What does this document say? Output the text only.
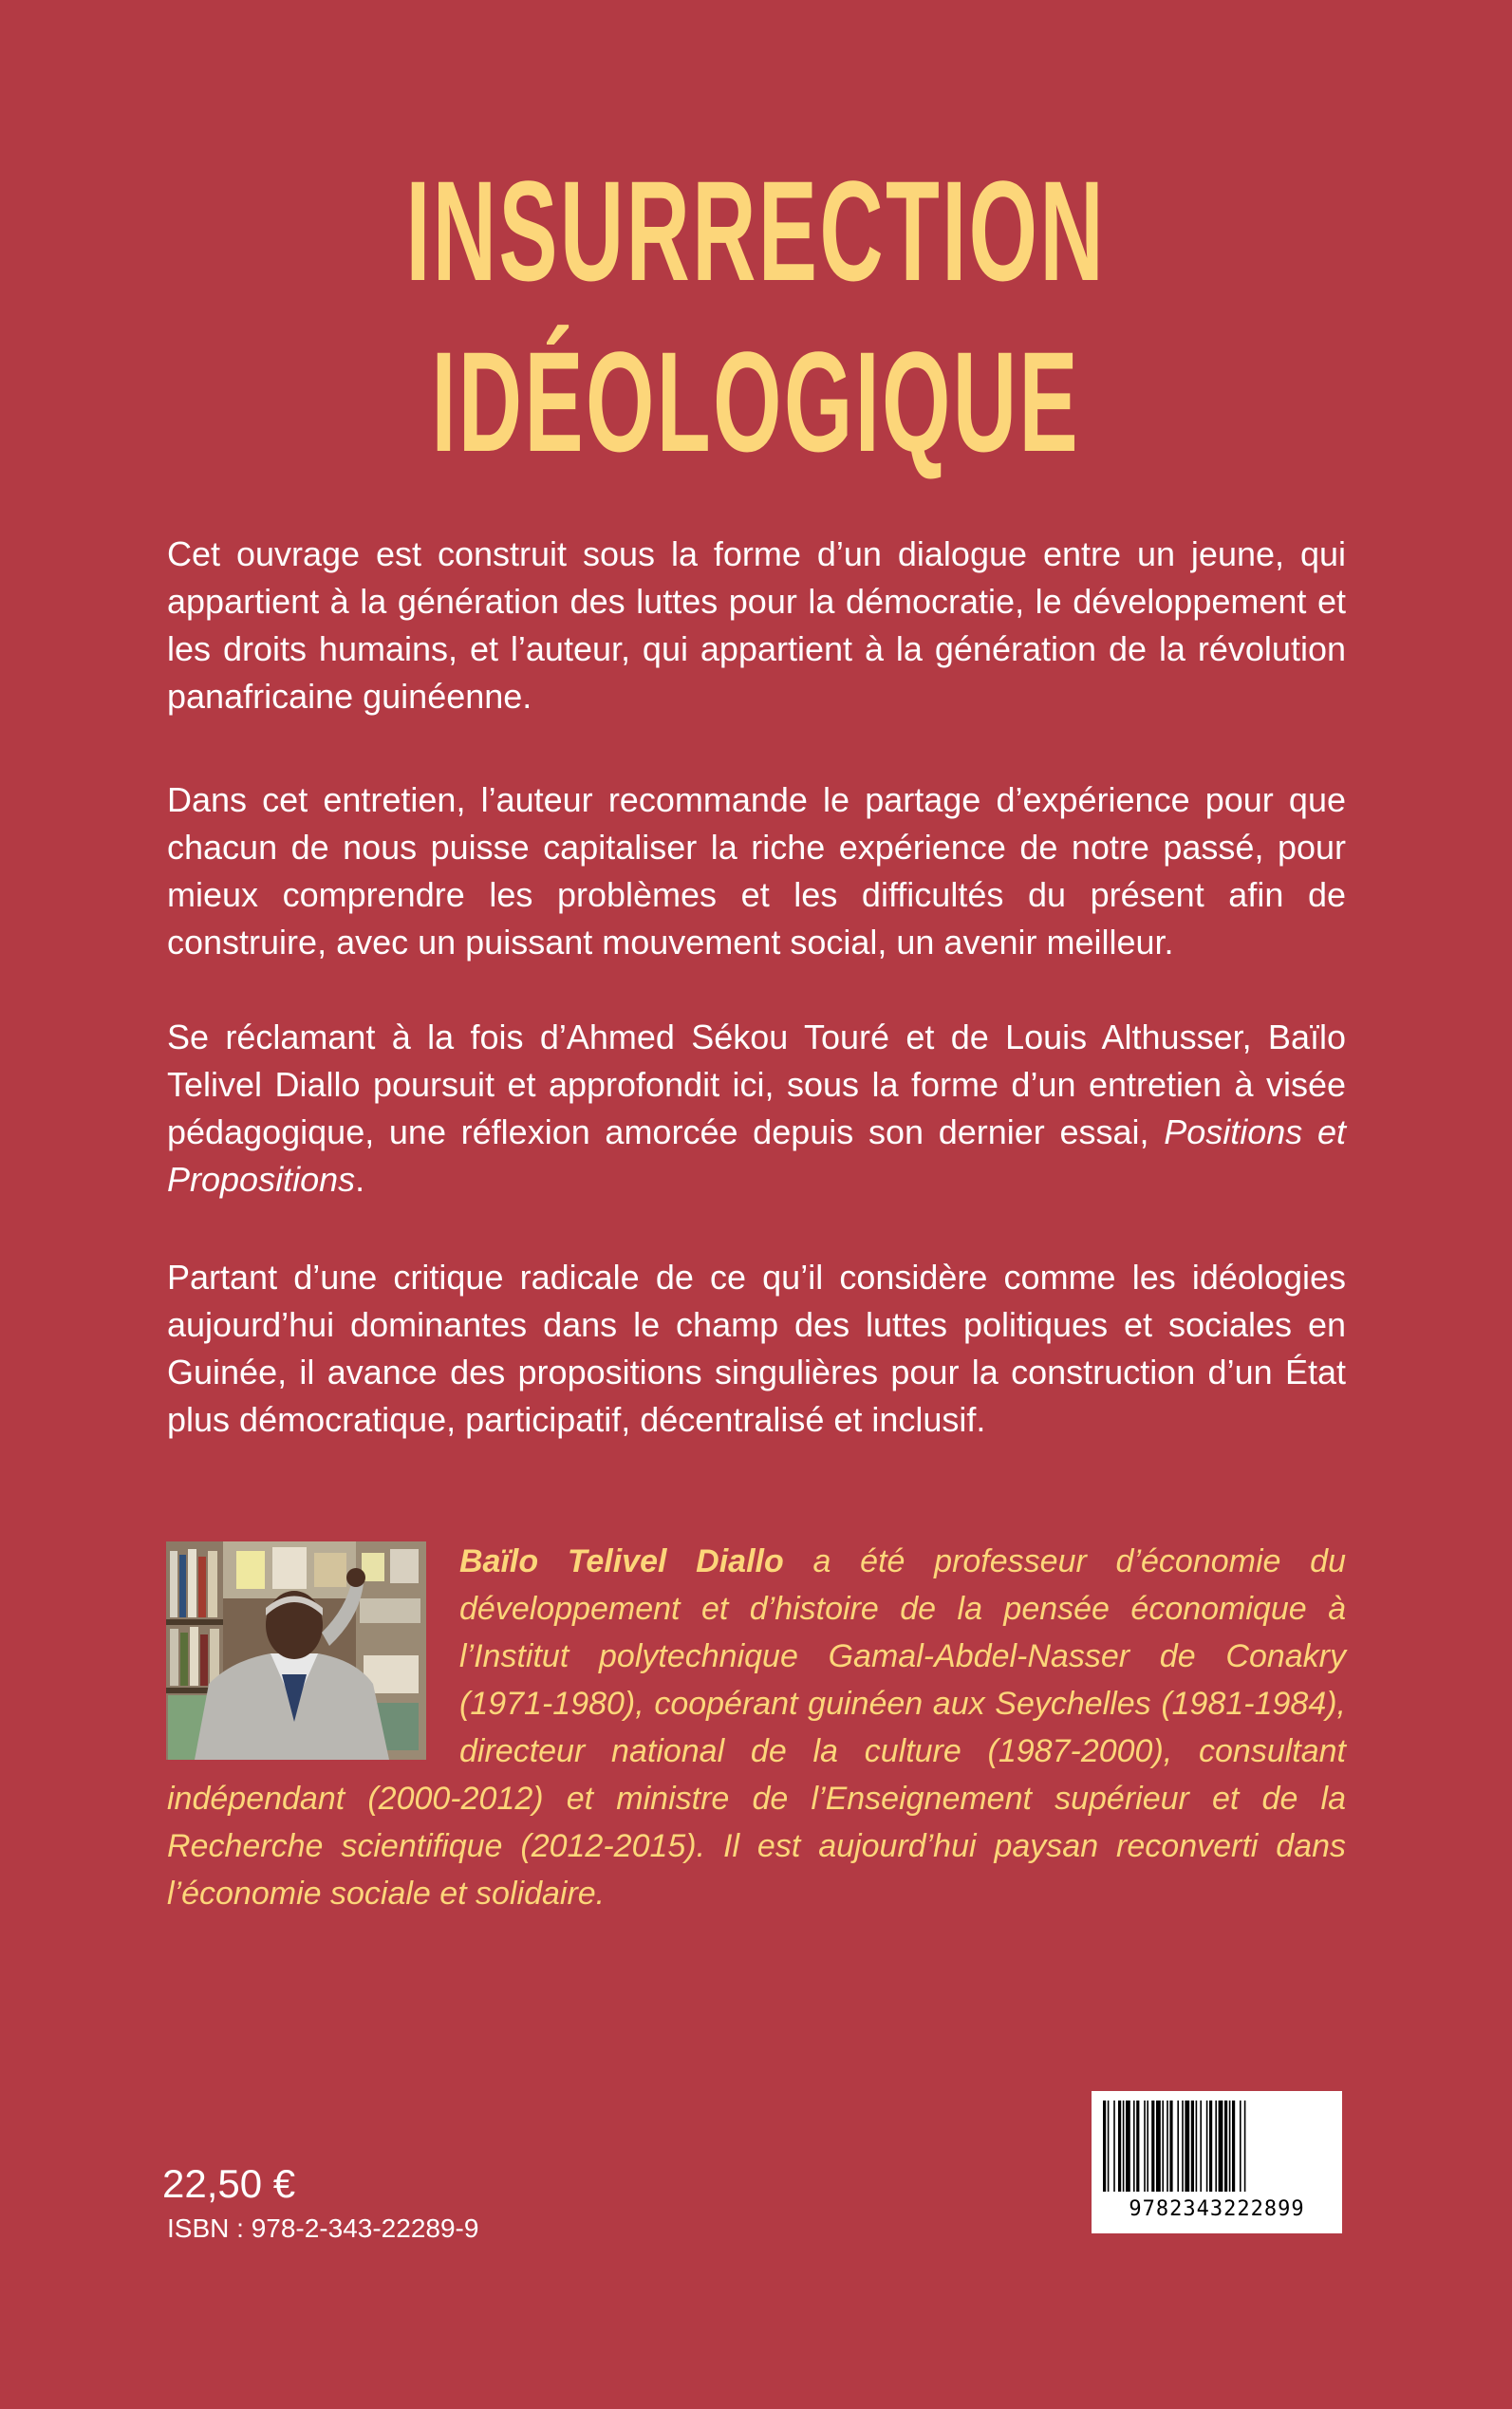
INSURRECTION
IDÉOLOGIQUE

Cet ouvrage est construit sous la forme d’un dialogue entre un jeune, qui appartient à la génération des luttes pour la démocratie, le développement et les droits humains, et l’auteur, qui appartient à la génération de la révolution panafricaine guinéenne.

Dans cet entretien, l’auteur recommande le partage d’expérience pour que chacun de nous puisse capitaliser la riche expérience de notre passé, pour mieux comprendre les problèmes et les difficultés du présent afin de construire, avec un puissant mouvement social, un avenir meilleur.

Se réclamant à la fois d’Ahmed Sékou Touré et de Louis Althusser, Baïlo Telivel Diallo poursuit et approfondit ici, sous la forme d’un entretien à visée pédagogique, une réflexion amorcée depuis son dernier essai, Positions et Propositions.

Partant d’une critique radicale de ce qu’il considère comme les idéologies aujourd’hui dominantes dans le champ des luttes politiques et sociales en Guinée, il avance des propositions singulières pour la construction d’un État plus démocratique, participatif, décentralisé et inclusif.

Baïlo Telivel Diallo a été professeur d’économie du développement et d’histoire de la pensée économique à l’Institut polytechnique Gamal-Abdel-Nasser de Conakry (1971-1980), coopérant guinéen aux Seychelles (1981-1984), directeur national de la culture (1987-2000), consultant indépendant (2000-2012) et ministre de l’Enseignement supérieur et de la Recherche scientifique (2012-2015). Il est aujourd’hui paysan reconverti dans l’économie sociale et solidaire.

22,50 €
ISBN : 978-2-343-22289-9
9782343222899
